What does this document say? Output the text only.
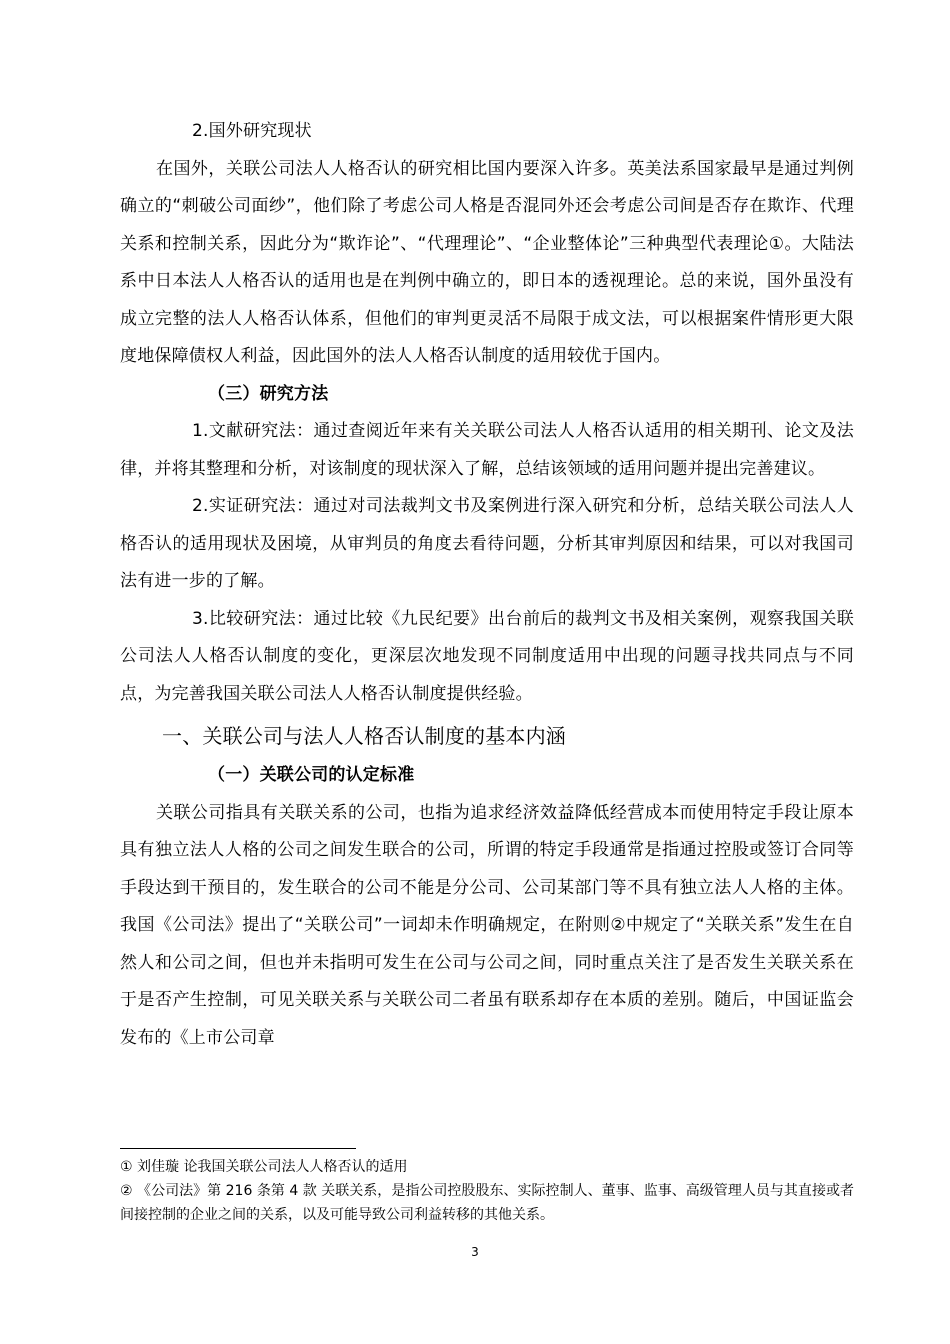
2.国外研究现状

在国外，关联公司法人人格否认的研究相比国内要深入许多。英美法系国家最早是通过判例确立的“刺破公司面纱”，他们除了考虑公司人格是否混同外还会考虑公司间是否存在欺诈、代理关系和控制关系，因此分为“欺诈论”、“代理理论”、“企业整体论”三种典型代表理论①。大陆法系中日本法人人格否认的适用也是在判例中确立的，即日本的透视理论。总的来说，国外虽没有成立完整的法人人格否认体系，但他们的审判更灵活不局限于成文法，可以根据案件情形更大限度地保障债权人利益，因此国外的法人人格否认制度的适用较优于国内。

（三）研究方法

1.文献研究法：通过查阅近年来有关关联公司法人人格否认适用的相关期刊、论文及法律，并将其整理和分析，对该制度的现状深入了解，总结该领域的适用问题并提出完善建议。

2.实证研究法：通过对司法裁判文书及案例进行深入研究和分析，总结关联公司法人人格否认的适用现状及困境，从审判员的角度去看待问题，分析其审判原因和结果，可以对我国司法有进一步的了解。

3.比较研究法：通过比较《九民纪要》出台前后的裁判文书及相关案例，观察我国关联公司法人人格否认制度的变化，更深层次地发现不同制度适用中出现的问题寻找共同点与不同点，为完善我国关联公司法人人格否认制度提供经验。

一、关联公司与法人人格否认制度的基本内涵

（一）关联公司的认定标准

关联公司指具有关联关系的公司，也指为追求经济效益降低经营成本而使用特定手段让原本具有独立法人人格的公司之间发生联合的公司，所谓的特定手段通常是指通过控股或签订合同等手段达到干预目的，发生联合的公司不能是分公司、公司某部门等不具有独立法人人格的主体。我国《公司法》提出了“关联公司”一词却未作明确规定，在附则②中规定了“关联关系”发生在自然人和公司之间，但也并未指明可发生在公司与公司之间，同时重点关注了是否发生关联关系在于是否产生控制，可见关联关系与关联公司二者虽有联系却存在本质的差别。随后，中国证监会发布的《上市公司章

① 刘佳璇 论我国关联公司法人人格否认的适用

② 《公司法》第 216 条第 4 款 关联关系，是指公司控股股东、实际控制人、董事、监事、高级管理人员与其直接或者间接控制的企业之间的关系，以及可能导致公司利益转移的其他关系。

3
